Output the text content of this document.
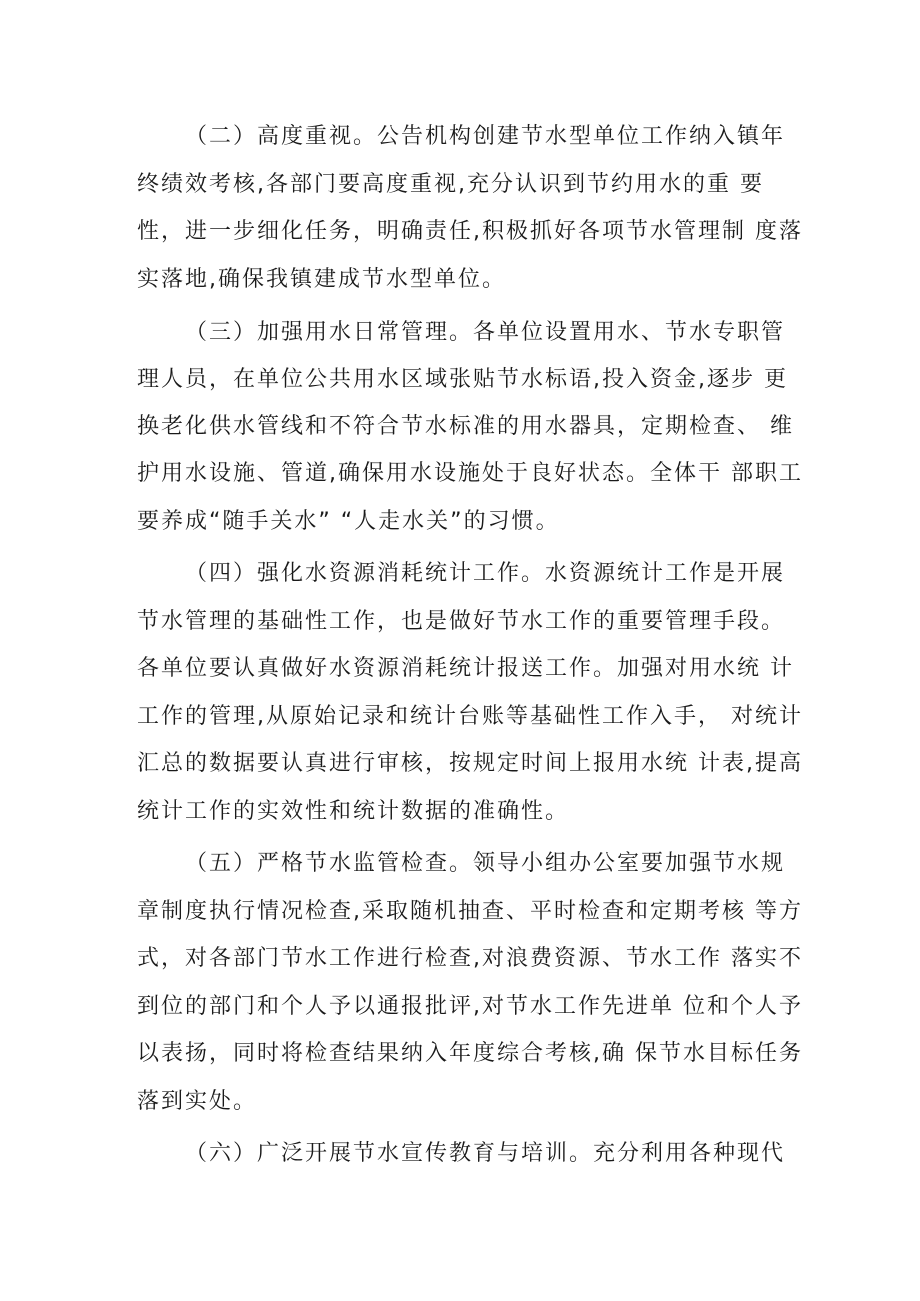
（二）高度重视。公告机构创建节水型单位工作纳入镇年

终绩效考核,各部门要高度重视,充分认识到节约用水的重 要

性，进一步细化任务，明确责任,积极抓好各项节水管理制 度落

实落地,确保我镇建成节水型单位。

（三）加强用水日常管理。各单位设置用水、节水专职管

理人员，在单位公共用水区域张贴节水标语,投入资金,逐步 更

换老化供水管线和不符合节水标准的用水器具，定期检查、 维

护用水设施、管道,确保用水设施处于良好状态。全体干 部职工

要养成“随手关水” “人走水关”的习惯。

（四）强化水资源消耗统计工作。水资源统计工作是开展

节水管理的基础性工作，也是做好节水工作的重要管理手段。

各单位要认真做好水资源消耗统计报送工作。加强对用水统 计

工作的管理,从原始记录和统计台账等基础性工作入手， 对统计

汇总的数据要认真进行审核，按规定时间上报用水统 计表,提高

统计工作的实效性和统计数据的准确性。

（五）严格节水监管检查。领导小组办公室要加强节水规

章制度执行情况检查,采取随机抽查、平时检查和定期考核 等方

式，对各部门节水工作进行检查,对浪费资源、节水工作 落实不

到位的部门和个人予以通报批评,对节水工作先进单 位和个人予

以表扬，同时将检查结果纳入年度综合考核,确 保节水目标任务

落到实处。

（六）广泛开展节水宣传教育与培训。充分利用各种现代
